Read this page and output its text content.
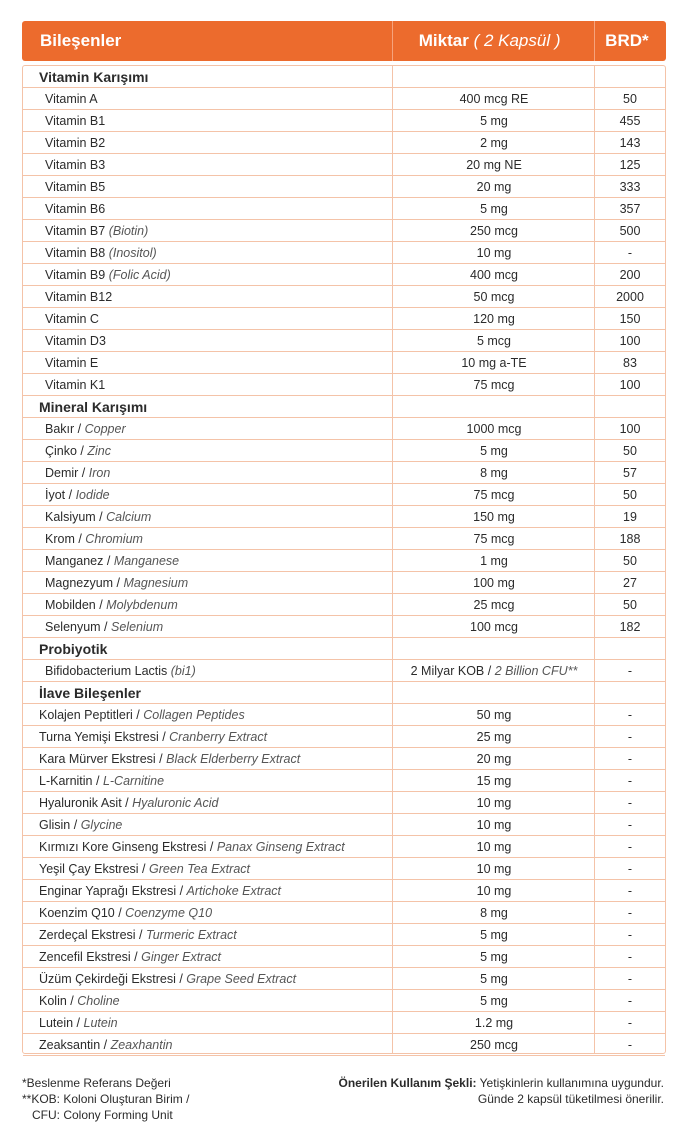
Bileşenler	Miktar ( 2 Kapsül )	BRD*
Vitamin Karışımı
Vitamin A	400 mcg RE	50
Vitamin B1	5 mg	455
Vitamin B2	2 mg	143
Vitamin B3	20 mg NE	125
Vitamin B5	20 mg	333
Vitamin B6	5 mg	357
Vitamin B7 (Biotin)	250 mcg	500
Vitamin B8 (Inositol)	10 mg	-
Vitamin B9 (Folic Acid)	400 mcg	200
Vitamin B12	50 mcg	2000
Vitamin C	120 mg	150
Vitamin D3	5 mcg	100
Vitamin E	10 mg a-TE	83
Vitamin K1	75 mcg	100
Mineral Karışımı
Bakır / Copper	1000 mcg	100
Çinko / Zinc	5 mg	50
Demir / Iron	8 mg	57
İyot / Iodide	75 mcg	50
Kalsiyum / Calcium	150 mg	19
Krom / Chromium	75 mcg	188
Manganez / Manganese	1 mg	50
Magnezyum / Magnesium	100 mg	27
Mobilden / Molybdenum	25 mcg	50
Selenyum / Selenium	100 mcg	182
Probiyotik
Bifidobacterium Lactis (bi1)	2 Milyar KOB / 2 Billion CFU**	-
İlave Bileşenler
Kolajen Peptitleri / Collagen Peptides	50 mg	-
Turna Yemişi Ekstresi / Cranberry Extract	25 mg	-
Kara Mürver Ekstresi / Black Elderberry Extract	20 mg	-
L-Karnitin / L-Carnitine	15 mg	-
Hyaluronik Asit / Hyaluronic Acid	10 mg	-
Glisin / Glycine	10 mg	-
Kırmızı Kore Ginseng Ekstresi / Panax Ginseng Extract	10 mg	-
Yeşil Çay Ekstresi / Green Tea Extract	10 mg	-
Enginar Yaprağı Ekstresi / Artichoke Extract	10 mg	-
Koenzim Q10 / Coenzyme Q10	8 mg	-
Zerdeçal Ekstresi / Turmeric Extract	5 mg	-
Zencefil Ekstresi / Ginger Extract	5 mg	-
Üzüm Çekirdeği Ekstresi / Grape Seed Extract	5 mg	-
Kolin / Choline	5 mg	-
Lutein / Lutein	1.2 mg	-
Zeaksantin / Zeaxhantin	250 mcg	-
*Beslenme Referans Değeri
**KOB: Koloni Oluşturan Birim /
CFU: Colony Forming Unit
Önerilen Kullanım Şekli: Yetişkinlerin kullanımına uygundur.
Günde 2 kapsül tüketilmesi önerilir.
